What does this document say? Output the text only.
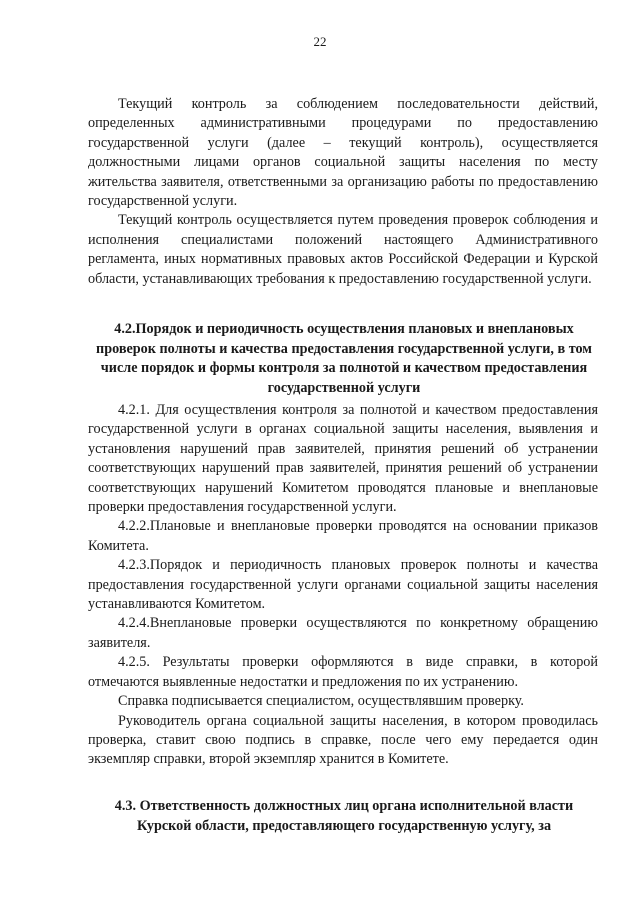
22

Текущий контроль за соблюдением последовательности действий, определенных административными процедурами по предоставлению государственной услуги (далее – текущий контроль), осуществляется должностными лицами органов социальной защиты населения по месту жительства заявителя, ответственными за организацию работы по предоставлению государственной услуги.

Текущий контроль осуществляется путем проведения проверок соблюдения и исполнения специалистами положений настоящего Административного регламента, иных нормативных правовых актов Российской Федерации и Курской области, устанавливающих требования к предоставлению государственной услуги.

4.2.Порядок и периодичность осуществления плановых и внеплановых проверок полноты и качества предоставления государственной услуги, в том числе порядок и формы контроля за полнотой и качеством предоставления государственной услуги

4.2.1. Для осуществления контроля за полнотой и качеством предоставления государственной услуги в органах социальной защиты населения, выявления и установления нарушений прав заявителей, принятия решений об устранении соответствующих нарушений прав заявителей, принятия решений об устранении соответствующих нарушений Комитетом проводятся плановые и внеплановые проверки предоставления государственной услуги.

4.2.2.Плановые и внеплановые проверки проводятся на основании приказов Комитета.

4.2.3.Порядок и периодичность плановых проверок полноты и качества предоставления государственной услуги органами социальной защиты населения устанавливаются Комитетом.

4.2.4.Внеплановые проверки осуществляются по конкретному обращению заявителя.

4.2.5. Результаты проверки оформляются в виде справки, в которой отмечаются выявленные недостатки и предложения по их устранению.

Справка подписывается специалистом, осуществлявшим проверку.

Руководитель органа социальной защиты населения, в котором проводилась проверка, ставит свою подпись в справке, после чего ему передается один экземпляр справки, второй экземпляр хранится в Комитете.

4.3. Ответственность должностных лиц органа исполнительной власти Курской области, предоставляющего государственную услугу, за
